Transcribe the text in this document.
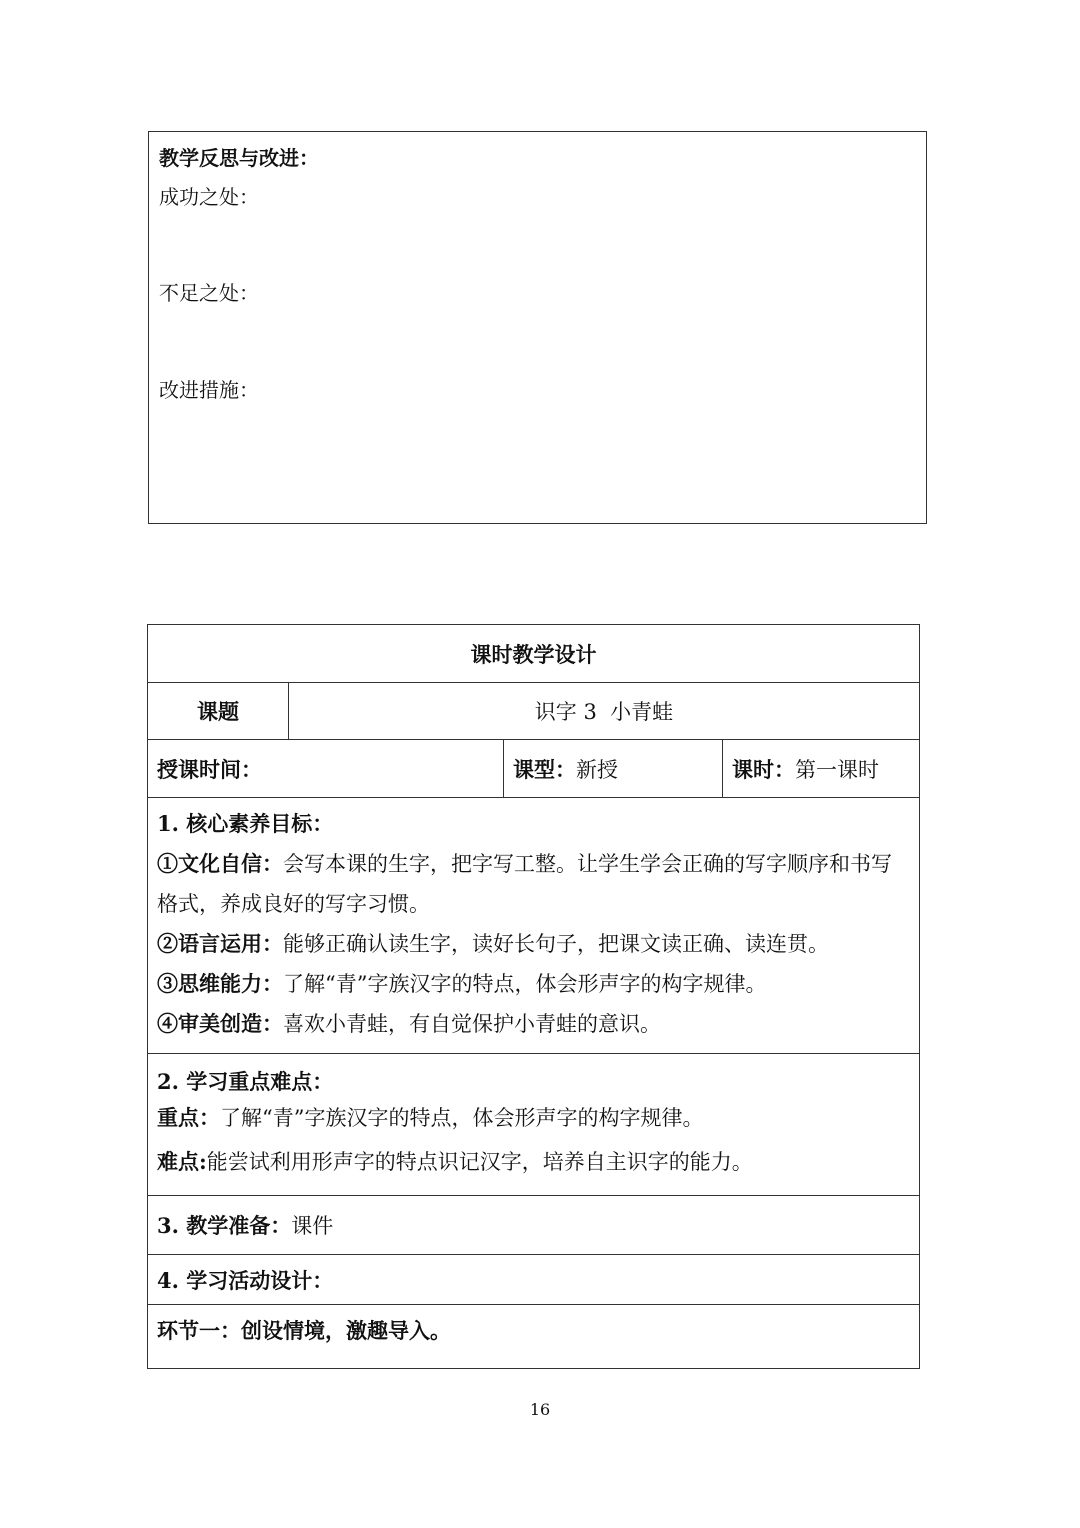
教学反思与改进：
成功之处：
不足之处：
改进措施：
课时教学设计			
课题	识字 3  小青蛙		
授课时间：		课型：新授	课时：第一课时

1. 核心素养目标：

①文化自信：会写本课的生字，把字写工整。让学生学会正确的写字顺序和书写格式，养成良好的写字习惯。

②语言运用：能够正确认读生字，读好长句子，把课文读正确、读连贯。

③思维能力：了解“青”字族汉字的特点，体会形声字的构字规律。

④审美创造：喜欢小青蛙，有自觉保护小青蛙的意识。			

2. 学习重点难点：

重点：了解“青”字族汉字的特点，体会形声字的构字规律。

难点:能尝试利用形声字的特点识记汉字，培养自主识字的能力。			

3. 教学准备：课件			
4. 学习活动设计：			
环节一：创设情境，激趣导入。			
16
